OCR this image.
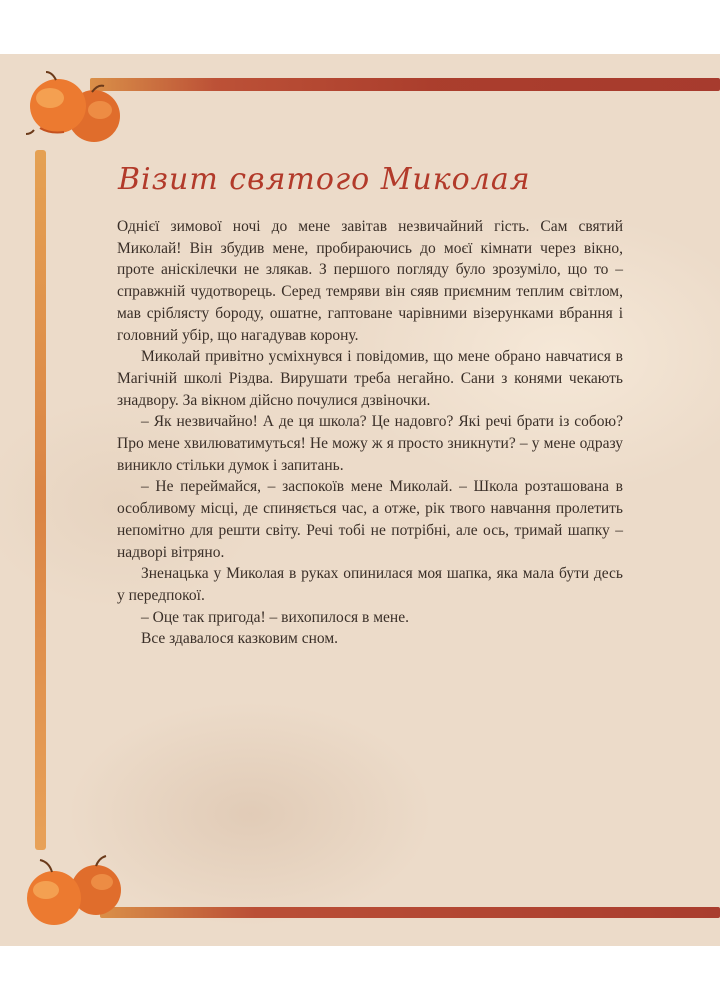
Візит святого Миколая

Однієї зимової ночі до мене завітав незвичайний гість. Сам святий Миколай! Він збудив мене, пробираючись до моєї кімнати через вікно, проте аніскілечки не злякав. З першого погляду було зрозуміло, що то – справжній чудотворець. Серед темряви він сяяв приємним теплим світлом, мав сріблясту бороду, ошатне, гаптоване чарівними візерунками вбрання і головний убір, що нагадував корону.

Миколай привітно усміхнувся і повідомив, що мене обрано навчатися в Магічній школі Різдва. Вирушати треба негайно. Сани з конями чекають знадвору. За вікном дійсно почулися дзвіночки.

– Як незвичайно! А де ця школа? Це надовго? Які речі брати із собою? Про мене хвилюватимуться! Не можу ж я просто зникнути? – у мене одразу виникло стільки думок і запитань.

– Не переймайся, – заспокоїв мене Миколай. – Школа розташована в особливому місці, де спиняється час, а отже, рік твого навчання пролетить непомітно для решти світу. Речі тобі не потрібні, але ось, тримай шапку – надворі вітряно.

Зненацька у Миколая в руках опинилася моя шапка, яка мала бути десь у передпокої.

– Оце так пригода! – вихопилося в мене.

Все здавалося казковим сном.
